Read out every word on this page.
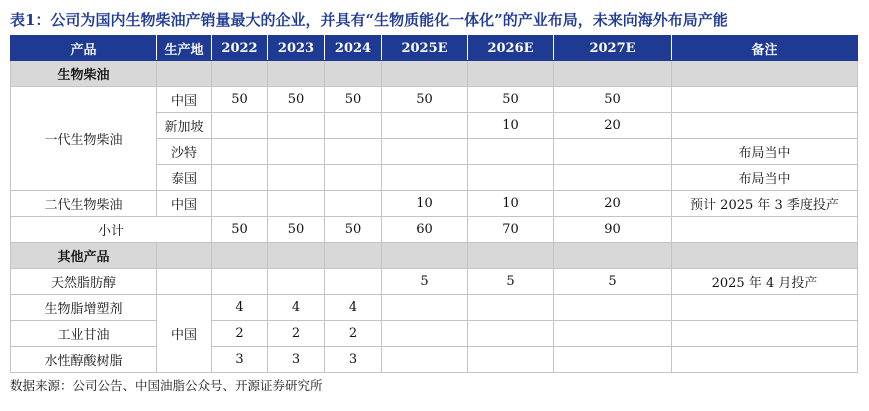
表1：公司为国内生物柴油产销量最大的企业，并具有“生物质能化一体化”的产业布局，未来向海外布局产能
产品	生产地	2022	2023	2024	2025E	2026E	2027E	备注
生物柴油								
一代生物柴油	中国	50	50	50	50	50	50	
	新加坡					10	20	
	沙特							布局当中
	泰国							布局当中
二代生物柴油	中国				10	10	20	预计 2025 年 3 季度投产
小计		50	50	50	60	70	90	
其他产品								
天然脂肪醇					5	5	5	2025 年 4 月投产
生物脂增塑剂	中国	4	4	4				
工业甘油		2	2	2				
水性醇酸树脂		3	3	3				
数据来源：公司公告、中国油脂公众号、开源证券研究所
